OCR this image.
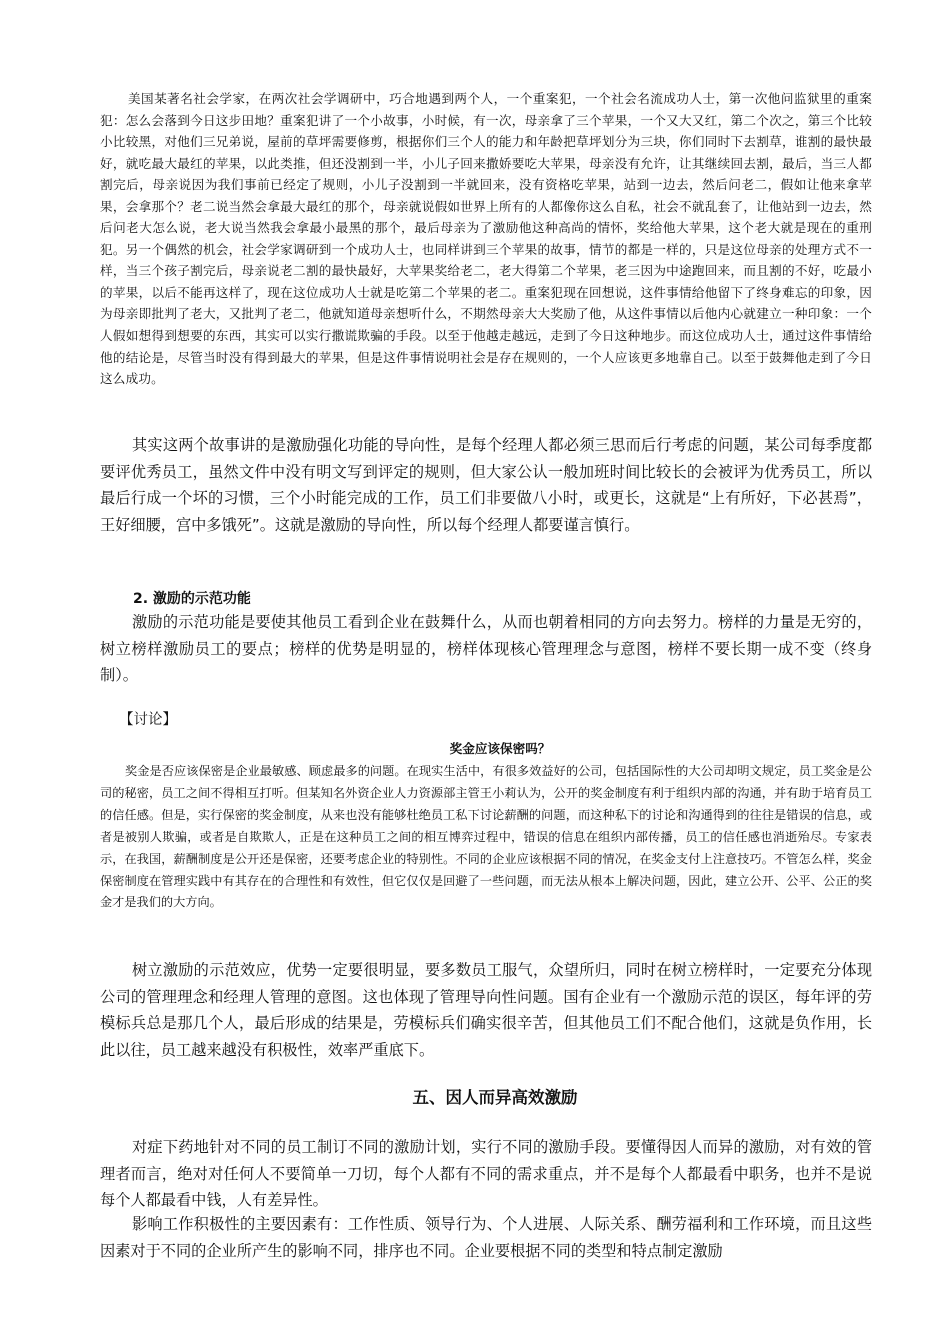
美国某著名社会学家，在两次社会学调研中，巧合地遇到两个人，一个重案犯，一个社会名流成功人士，第一次他问监狱里的重案犯：怎么会落到今日这步田地？重案犯讲了一个小故事，小时候，有一次，母亲拿了三个苹果，一个又大又红，第二个次之，第三个比较小比较黑，对他们三兄弟说，屋前的草坪需要修剪，根据你们三个人的能力和年龄把草坪划分为三块，你们同时下去割草，谁割的最快最好，就吃最大最红的苹果，以此类推，但还没割到一半，小儿子回来撒娇要吃大苹果，母亲没有允许，让其继续回去割，最后，当三人都割完后，母亲说因为我们事前已经定了规则，小儿子没割到一半就回来，没有资格吃苹果，站到一边去，然后问老二，假如让他来拿苹果，会拿那个？老二说当然会拿最大最红的那个，母亲就说假如世界上所有的人都像你这么自私，社会不就乱套了，让他站到一边去，然后问老大怎么说，老大说当然我会拿最小最黑的那个，最后母亲为了激励他这种高尚的情怀，奖给他大苹果，这个老大就是现在的重刑犯。另一个偶然的机会，社会学家调研到一个成功人士，也同样讲到三个苹果的故事，情节的都是一样的，只是这位母亲的处理方式不一样，当三个孩子割完后，母亲说老二割的最快最好，大苹果奖给老二，老大得第二个苹果，老三因为中途跑回来，而且割的不好，吃最小的苹果，以后不能再这样了，现在这位成功人士就是吃第二个苹果的老二。重案犯现在回想说，这件事情给他留下了终身难忘的印象，因为母亲即批判了老大，又批判了老二，他就知道母亲想听什么，不期然母亲大大奖励了他，从这件事情以后他内心就建立一种印象：一个人假如想得到想要的东西，其实可以实行撒谎欺骗的手段。以至于他越走越远，走到了今日这种地步。而这位成功人士，通过这件事情给他的结论是，尽管当时没有得到最大的苹果，但是这件事情说明社会是存在规则的，一个人应该更多地靠自己。以至于鼓舞他走到了今日这么成功。

其实这两个故事讲的是激励强化功能的导向性，是每个经理人都必须三思而后行考虑的问题，某公司每季度都要评优秀员工，虽然文件中没有明文写到评定的规则，但大家公认一般加班时间比较长的会被评为优秀员工，所以最后行成一个坏的习惯，三个小时能完成的工作，员工们非要做八小时，或更长，这就是“上有所好，下必甚焉”，王好细腰，宫中多饿死”。这就是激励的导向性，所以每个经理人都要谨言慎行。

2. 激励的示范功能

激励的示范功能是要使其他员工看到企业在鼓舞什么，从而也朝着相同的方向去努力。榜样的力量是无穷的，树立榜样激励员工的要点；榜样的优势是明显的，榜样体现核心管理理念与意图，榜样不要长期一成不变（终身制）。

【讨论】

奖金应该保密吗？

奖金是否应该保密是企业最敏感、顾虑最多的问题。在现实生活中，有很多效益好的公司，包括国际性的大公司却明文规定，员工奖金是公司的秘密，员工之间不得相互打听。但某知名外资企业人力资源部主管王小莉认为，公开的奖金制度有利于组织内部的沟通，并有助于培育员工的信任感。但是，实行保密的奖金制度，从来也没有能够杜绝员工私下讨论薪酬的问题，而这种私下的讨论和沟通得到的往往是错误的信息，或者是被别人欺骗，或者是自欺欺人，正是在这种员工之间的相互博弈过程中，错误的信息在组织内部传播，员工的信任感也消逝殆尽。专家表示，在我国，薪酬制度是公开还是保密，还要考虑企业的特别性。不同的企业应该根据不同的情况，在奖金支付上注意技巧。不管怎么样，奖金保密制度在管理实践中有其存在的合理性和有效性，但它仅仅是回避了一些问题，而无法从根本上解决问题，因此，建立公开、公平、公正的奖金才是我们的大方向。

树立激励的示范效应，优势一定要很明显，要多数员工服气，众望所归，同时在树立榜样时，一定要充分体现公司的管理理念和经理人管理的意图。这也体现了管理导向性问题。国有企业有一个激励示范的误区，每年评的劳模标兵总是那几个人，最后形成的结果是，劳模标兵们确实很辛苦，但其他员工们不配合他们，这就是负作用，长此以往，员工越来越没有积极性，效率严重底下。

五、因人而异高效激励

对症下药地针对不同的员工制订不同的激励计划，实行不同的激励手段。要懂得因人而异的激励，对有效的管理者而言，绝对对任何人不要简单一刀切，每个人都有不同的需求重点，并不是每个人都最看中职务，也并不是说每个人都最看中钱，人有差异性。

影响工作积极性的主要因素有：工作性质、领导行为、个人进展、人际关系、酬劳福利和工作环境，而且这些因素对于不同的企业所产生的影响不同，排序也不同。企业要根据不同的类型和特点制定激励
